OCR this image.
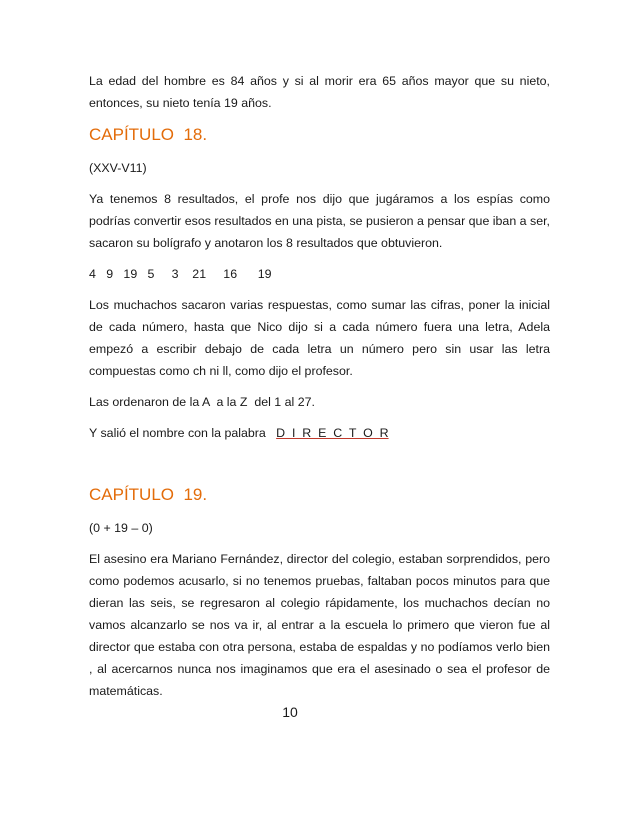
La edad del hombre es 84 años y si al morir era 65 años mayor que su nieto, entonces, su nieto tenía 19 años.

CAPÍTULO  18.
(XXV-V11)

Ya tenemos 8 resultados, el profe nos dijo que jugáramos a los espías como podrías convertir esos resultados en una pista, se pusieron a pensar que iban a ser, sacaron su bolígrafo y anotaron los 8 resultados que obtuvieron.

4   9   19   5     3    21     16      19

Los muchachos sacaron varias respuestas, como sumar las cifras, poner la inicial de cada número, hasta que Nico dijo si a cada número fuera una letra, Adela empezó a escribir debajo de cada letra un número pero sin usar las letra compuestas como ch ni ll, como dijo el profesor.

Las ordenaron de la A  a la Z  del 1 al 27.
Y salió el nombre con la palabra   D  I  R  E  C  T  O  R
CAPÍTULO  19.
(0 + 19 – 0)

El asesino era Mariano Fernández, director del colegio, estaban sorprendidos, pero como podemos acusarlo, si no tenemos pruebas, faltaban pocos minutos para que dieran las seis, se regresaron al colegio rápidamente, los muchachos decían no vamos alcanzarlo se nos va ir, al entrar a la escuela lo primero que vieron fue al director que estaba con otra persona, estaba de espaldas y no podíamos verlo bien , al acercarnos nunca nos imaginamos que era el asesinado o sea el profesor de matemáticas.

10
